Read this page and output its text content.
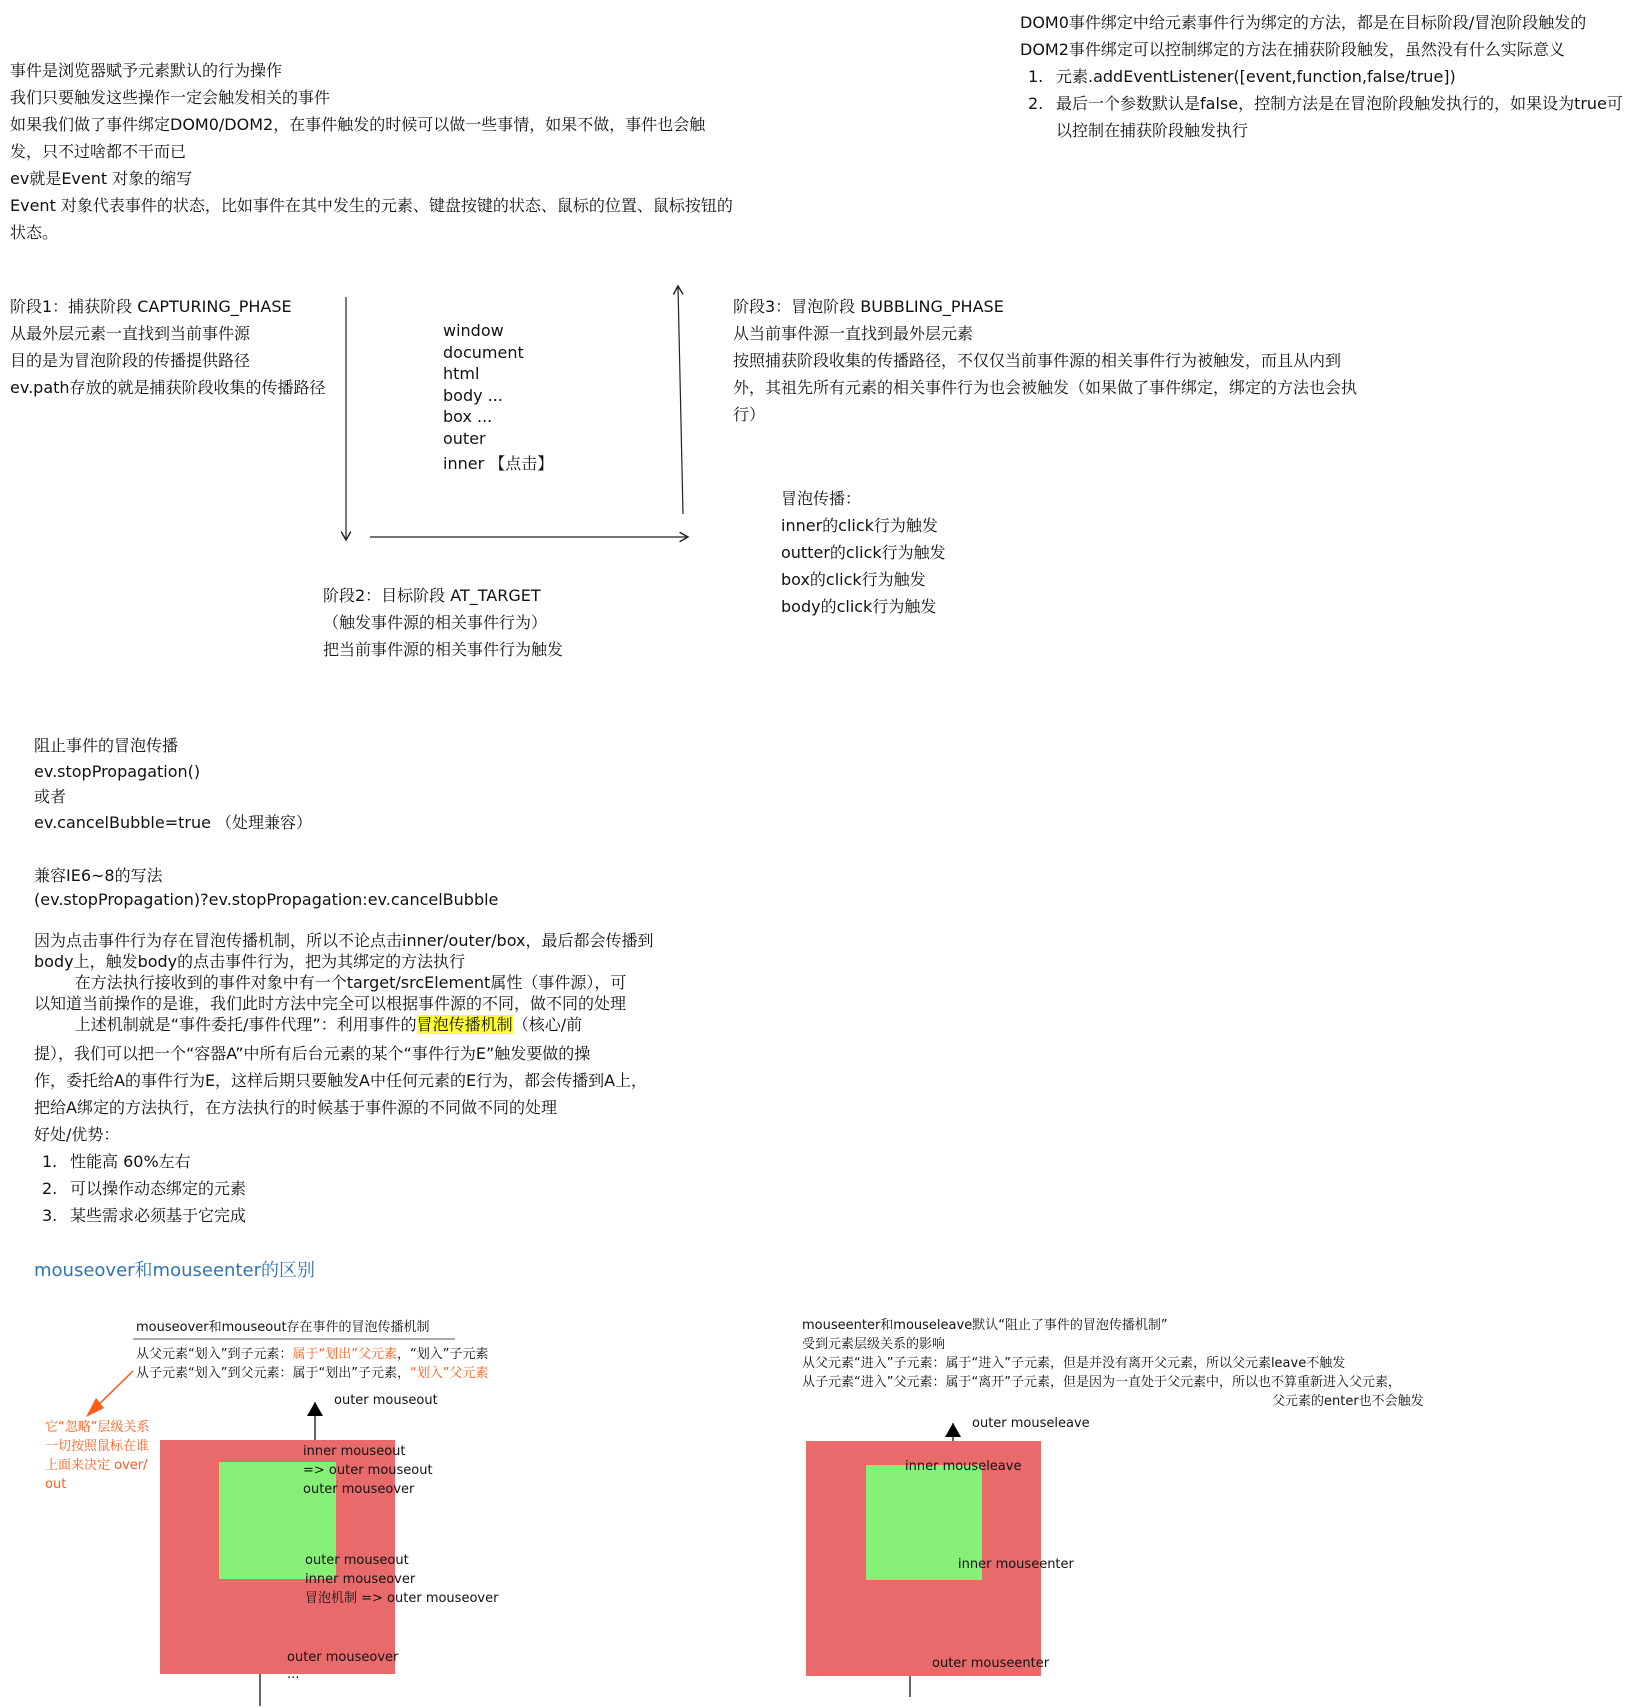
DOM0事件绑定中给元素事件行为绑定的方法，都是在目标阶段/冒泡阶段触发的
DOM2事件绑定可以控制绑定的方法在捕获阶段触发，虽然没有什么实际意义
1. 元素.addEventListener([event,function,false/true])
2. 最后一个参数默认是false，控制方法是在冒泡阶段触发执行的，如果设为true可
以控制在捕获阶段触发执行
事件是浏览器赋予元素默认的行为操作
我们只要触发这些操作一定会触发相关的事件
如果我们做了事件绑定DOM0/DOM2，在事件触发的时候可以做一些事情，如果不做，事件也会触
发，只不过啥都不干而已
ev就是Event 对象的缩写
Event 对象代表事件的状态，比如事件在其中发生的元素、键盘按键的状态、鼠标的位置、鼠标按钮的
状态。
阶段1：捕获阶段 CAPTURING_PHASE
从最外层元素一直找到当前事件源
目的是为冒泡阶段的传播提供路径
ev.path存放的就是捕获阶段收集的传播路径
window
document
html
body ...
box ...
outer
inner 【点击】
阶段3：冒泡阶段 BUBBLING_PHASE
从当前事件源一直找到最外层元素
按照捕获阶段收集的传播路径，不仅仅当前事件源的相关事件行为被触发，而且从内到
外，其祖先所有元素的相关事件行为也会被触发（如果做了事件绑定，绑定的方法也会执
行）
冒泡传播：
inner的click行为触发
outter的click行为触发
box的click行为触发
body的click行为触发
阶段2：目标阶段 AT_TARGET
（触发事件源的相关事件行为）
把当前事件源的相关事件行为触发
阻止事件的冒泡传播
ev.stopPropagation()
或者
ev.cancelBubble=true （处理兼容）
兼容IE6~8的写法
(ev.stopPropagation)?ev.stopPropagation:ev.cancelBubble
因为点击事件行为存在冒泡传播机制，所以不论点击inner/outer/box，最后都会传播到
body上，触发body的点击事件行为，把为其绑定的方法执行
在方法执行接收到的事件对象中有一个target/srcElement属性（事件源），可
以知道当前操作的是谁，我们此时方法中完全可以根据事件源的不同，做不同的处理
上述机制就是“事件委托/事件代理”：利用事件的冒泡传播机制（核心/前
提），我们可以把一个“容器A”中所有后台元素的某个“事件行为E”触发要做的操
作，委托给A的事件行为E，这样后期只要触发A中任何元素的E行为，都会传播到A上，
把给A绑定的方法执行，在方法执行的时候基于事件源的不同做不同的处理
好处/优势：
1. 性能高 60%左右
2. 可以操作动态绑定的元素
3. 某些需求必须基于它完成
mouseover和mouseenter的区别
mouseover和mouseout存在事件的冒泡传播机制
从父元素“划入”到子元素：属于“划出”父元素，“划入”子元素
从子元素“划入”到父元素：属于“划出”子元素，“划入”父元素
它“忽略”层级关系
一切按照鼠标在谁
上面来决定 over/
out
outer mouseout
inner mouseout
=> outer mouseout
outer mouseover
outer mouseout
inner mouseover
冒泡机制 => outer mouseover
outer mouseover
...
mouseenter和mouseleave默认“阻止了事件的冒泡传播机制”
受到元素层级关系的影响
从父元素“进入”子元素：属于“进入”子元素，但是并没有离开父元素，所以父元素leave不触发
从子元素“进入”父元素：属于“离开”子元素，但是因为一直处于父元素中，所以也不算重新进入父元素，
父元素的enter也不会触发
outer mouseleave
inner mouseleave
inner mouseenter
outer mouseenter
